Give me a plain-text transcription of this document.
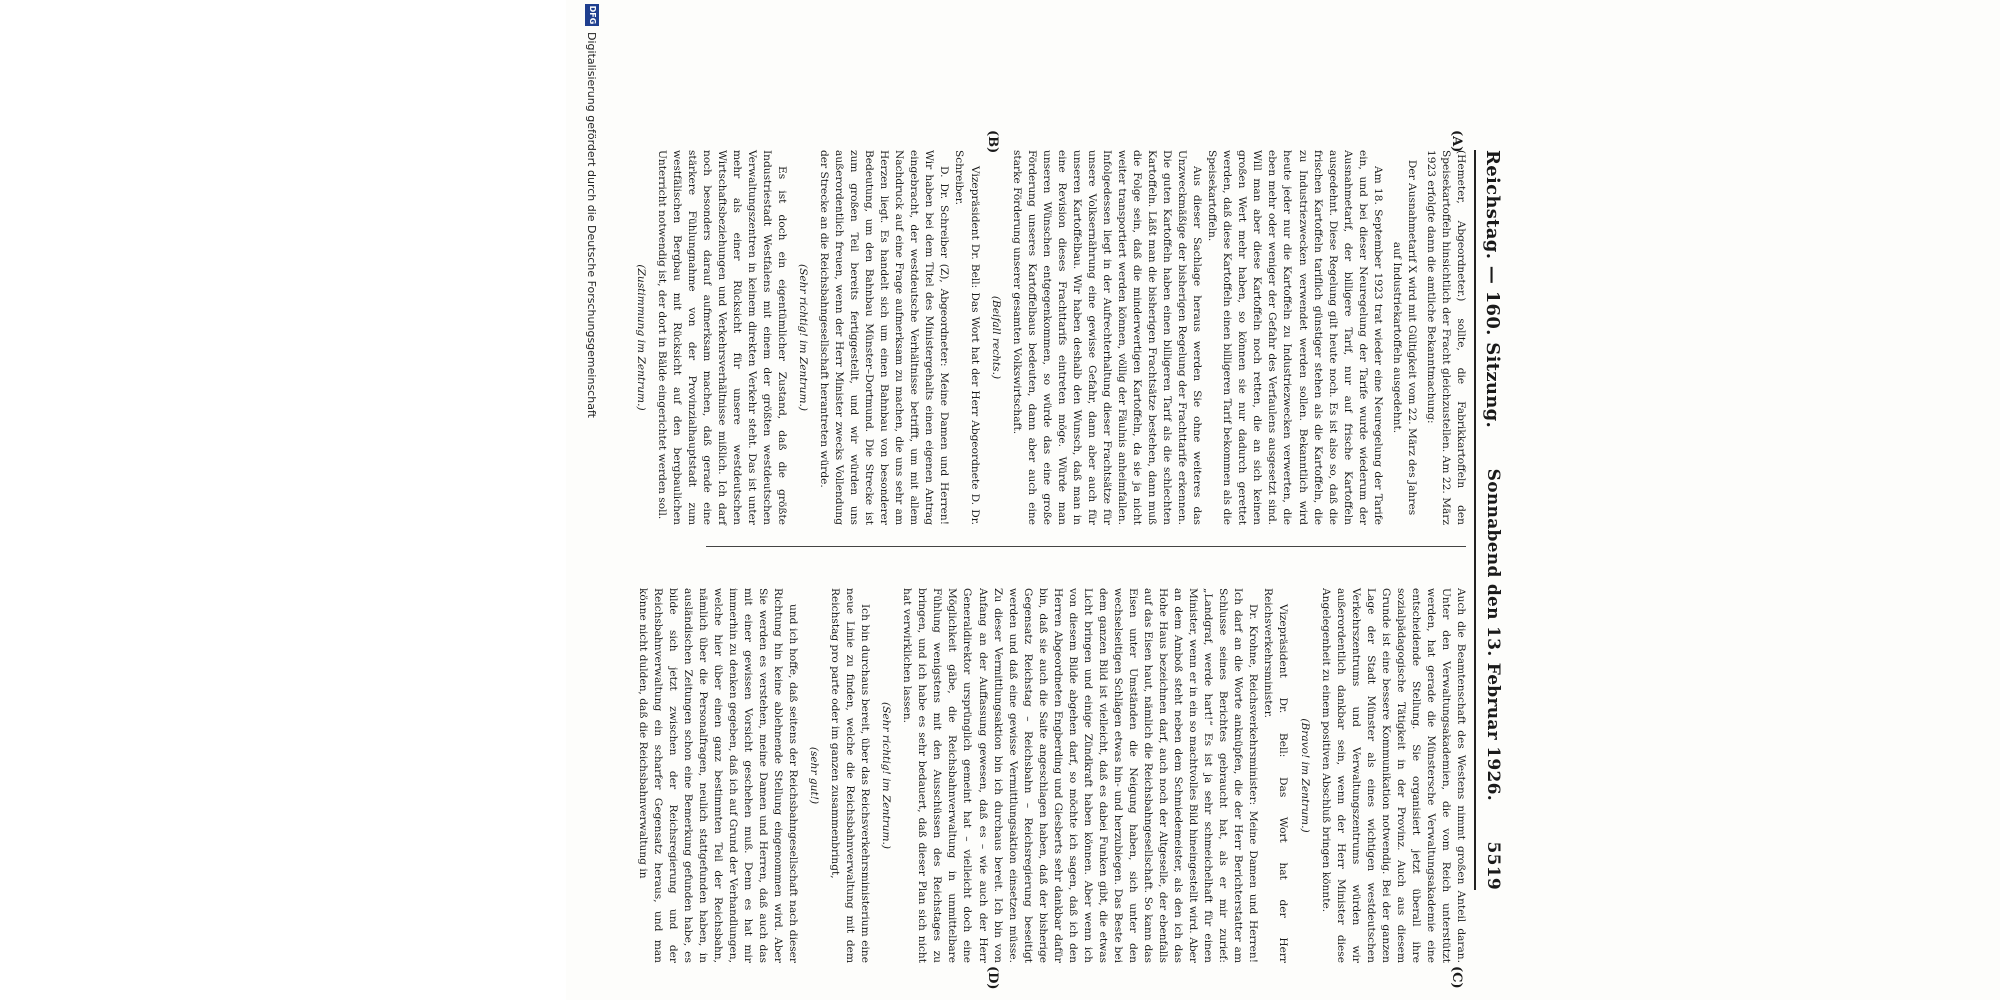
Reichstag. — 160. Sitzung.
Sonnabend den 13. Februar 1926.
5519
(A)
(B)
(C)
(D)

(Hemeter, Abgeordneter.) sollte, die Fabrikkartoffeln den Speisekartoffeln hinsichtlich der Fracht gleichzustellen. Am 22. März 1923 erfolgte dann die amtliche Bekanntmachung:

Der Ausnahmetarif X wird mit Gültigkeit vom 22. März des Jahres auf Industriekartoffeln ausgedehnt.

Am 18. September 1923 trat wieder eine Neuregelung der Tarife ein, und bei dieser Neuregelung der Tarife wurde wiederum der Ausnahmetarif, der billigere Tarif, nur auf frische Kartoffeln ausgedehnt. Diese Regelung gilt heute noch. Es ist also so, daß die frischen Kartoffeln tariflich günstiger stehen als die Kartoffeln, die zu Industriezwecken verwendet werden sollen. Bekanntlich wird heute jeder nur die Kartoffeln zu Industriezwecken verwerten, die eben mehr oder weniger der Gefahr des Verfaulens ausgesetzt sind. Will man aber diese Kartoffeln noch retten, die an sich keinen großen Wert mehr haben, so können sie nur dadurch gerettet werden, daß diese Kartoffeln einen billigeren Tarif bekommen als die Speisekartoffeln.

Aus dieser Sachlage heraus werden Sie ohne weiteres das Unzweckmäßige der bisherigen Regelung der Frachttarife erkennen. Die guten Kartoffeln haben einen billigeren Tarif als die schlechten Kartoffeln. Läßt man die bisherigen Frachtsätze bestehen, dann muß die Folge sein, daß die minderwertigen Kartoffeln, da sie ja nicht weiter transportiert werden können, völlig der Fäulnis anheimfallen. Infolgedessen liegt in der Aufrechterhaltung dieser Frachtsätze für unsere Volksernährung eine gewisse Gefahr, dann aber auch für unseren Kartoffelbau. Wir haben deshalb den Wunsch, daß man in eine Revision dieses Frachttarifs eintreten möge. Würde man unseren Wünschen entgegenkommen, so würde das eine große Förderung unseres Kartoffelbaus bedeuten, dann aber auch eine starke Förderung unserer gesamten Volkswirtschaft.

(Beifall rechts.)

Vizepräsident Dr. Bell: Das Wort hat der Herr Abgeordnete D. Dr. Schreiber.

D. Dr. Schreiber (Z), Abgeordneter: Meine Damen und Herren! Wir haben bei dem Titel des Ministergehalts einen eigenen Antrag eingebracht, der westdeutsche Verhältnisse betrifft, um mit allem Nachdruck auf eine Frage aufmerksam zu machen, die uns sehr am Herzen liegt. Es handelt sich um einen Bahnbau von besonderer Bedeutung, um den Bahnbau Münster–Dortmund. Die Strecke ist zum großen Teil bereits fertiggestellt, und wir würden uns außerordentlich freuen, wenn der Herr Minister zwecks Vollendung der Strecke an die Reichsbahngesellschaft herantreten würde.

(Sehr richtig! im Zentrum.)

Es ist doch ein eigentümlicher Zustand, daß die größte Industriestadt Westfalens mit einem der größten westdeutschen Verwaltungszentren in keinem direkten Verkehr steht. Das ist unter mehr als einer Rücksicht für unsere westdeutschen Wirtschaftsbeziehungen und Verkehrsverhältnisse mißlich. Ich darf noch besonders darauf aufmerksam machen, daß gerade eine stärkere Fühlungnahme von der Provinzialhauptstadt zum westfälischen Bergbau mit Rücksicht auf den bergbaulichen Unterricht notwendig ist, der dort in Bälde eingerichtet werden soll.

(Zustimmung im Zentrum.)

Auch die Beamtenschaft des Westens nimmt großen Anteil daran. Unter den Verwaltungsakademien, die vom Reich unterstützt werden, hat gerade die Münstersche Verwaltungsakademie eine entscheidende Stellung. Sie organisiert jetzt überall ihre sozialpädagogische Tätigkeit in der Provinz. Auch aus diesem Grunde ist eine bessere Kommunikation notwendig. Bei der ganzen Lage der Stadt Münster als eines wichtigen westdeutschen Verkehrszentrums und Verwaltungszentrums würden wir außerordentlich dankbar sein, wenn der Herr Minister diese Angelegenheit zu einem positiven Abschluß bringen könnte.

(Bravo! im Zentrum.)

Vizepräsident Dr. Bell: Das Wort hat der Herr Reichsverkehrsminister.

Dr. Krohne, Reichsverkehrsminister: Meine Damen und Herren! Ich darf an die Worte anknüpfen, die der Herr Berichterstatter am Schlusse seines Berichtes gebraucht hat, als er mir zurief: „Landgraf, werde hart!“ Es ist ja sehr schmeichelhaft für einen Minister, wenn er in ein so machtvolles Bild hineingestellt wird. Aber an dem Amboß steht neben dem Schmiedemeister, als den ich das Hohe Haus bezeichnen darf, auch noch der Altgeselle, der ebenfalls auf das Eisen haut, nämlich die Reichsbahngesellschaft. So kann das Eisen unter Umständen die Neigung haben, sich unter den wechselseitigen Schlägen etwas hin- und herzubiegen. Das Beste bei dem ganzen Bild ist vielleicht, daß es dabei Funken gibt, die etwas Licht bringen und einige Zündkraft haben können. Aber wenn ich von diesem Bilde abgehen darf, so möchte ich sagen, daß ich den Herren Abgeordneten Engberding und Giesberts sehr dankbar dafür bin, daß sie auch die Saite angeschlagen haben, daß der bisherige Gegensatz Reichstag – Reichsbahn – Reichsregierung beseitigt werden und daß eine gewisse Vermittlungsaktion einsetzen müsse. Zu dieser Vermittlungsaktion bin ich durchaus bereit. Ich bin von Anfang an der Auffassung gewesen, daß es – wie auch der Herr Generaldirektor ursprünglich gemeint hat – vielleicht doch eine Möglichkeit gäbe, die Reichsbahnverwaltung in unmittelbare Fühlung wenigstens mit den Ausschüssen des Reichstages zu bringen, und ich habe es sehr bedauert, daß dieser Plan sich nicht hat verwirklichen lassen.

(Sehr richtig! im Zentrum.)

Ich bin durchaus bereit, über das Reichsverkehrsministerium eine neue Linie zu finden, welche die Reichsbahnverwaltung mit dem Reichstag pro parte oder im ganzen zusammenbringt,

(sehr gut!)

und ich hoffe, daß seitens der Reichsbahngesellschaft nach dieser Richtung hin keine ablehnende Stellung eingenommen wird. Aber Sie werden es verstehen, meine Damen und Herren, daß auch das mit einer gewissen Vorsicht geschehen muß. Denn es hat mir immerhin zu denken gegeben, daß ich auf Grund der Verhandlungen, welche hier über einen ganz bestimmten Teil der Reichsbahn, nämlich über die Personalfragen, neulich stattgefunden haben, in ausländischen Zeitungen schon eine Bemerkung gefunden habe, es bilde sich jetzt zwischen der Reichsregierung und der Reichsbahnverwaltung ein scharfer Gegensatz heraus, und man könne nicht dulden, daß die Reichsbahnverwaltung in

DFG
Digitalisierung gefördert durch die Deutsche Forschungsgemeinschaft
